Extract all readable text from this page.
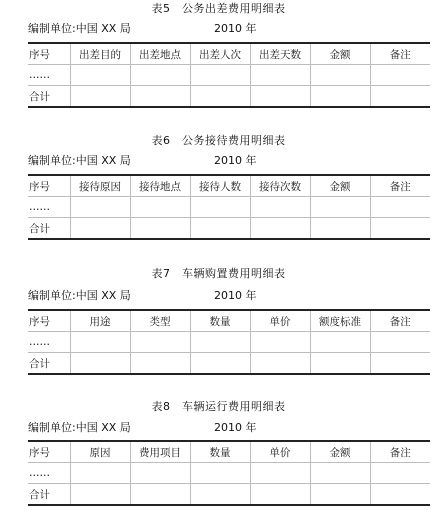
表5　公务出差费用明细表
编制单位:中国 XX 局	2010 年
序号	出差目的	出差地点	出差人次	出差天数	金额	备注
……						
合计						
表6　公务接待费用明细表
编制单位:中国 XX 局	2010 年
序号	接待原因	接待地点	接待人数	接待次数	金额	备注
……						
合计						
表7　车辆购置费用明细表
编制单位:中国 XX 局	2010 年
序号	用途	类型	数量	单价	额度标准	备注
……						
合计						
表8　车辆运行费用明细表
编制单位:中国 XX 局	2010 年
序号	原因	费用项目	数量	单价	金额	备注
……						
合计						
